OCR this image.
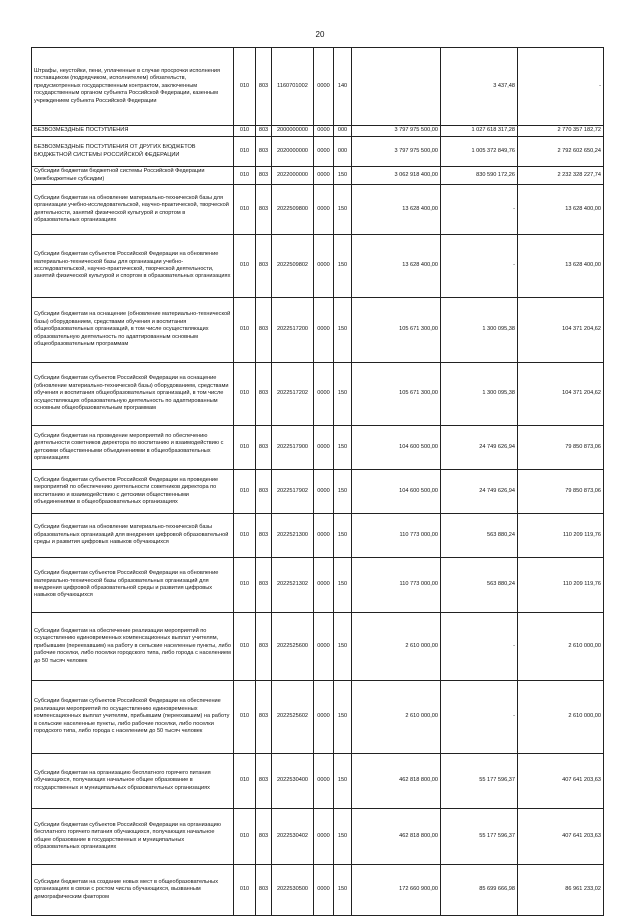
20
Штрафы, неустойки, пени, уплаченные в случае просрочки исполнения поставщиком (подрядчиком, исполнителем) обязательств, предусмотренных государственным контрактом, заключенным государственным органом субъекта Российской Федерации, казенным учреждением субъекта Российской Федерации	010	803	1160701002	0000	140		3 437,48	-
БЕЗВОЗМЕЗДНЫЕ ПОСТУПЛЕНИЯ	010	803	2000000000	0000	000	3 797 975 500,00	1 027 618 317,28	2 770 357 182,72
БЕЗВОЗМЕЗДНЫЕ ПОСТУПЛЕНИЯ ОТ ДРУГИХ БЮДЖЕТОВ БЮДЖЕТНОЙ СИСТЕМЫ РОССИЙСКОЙ ФЕДЕРАЦИИ	010	803	2020000000	0000	000	3 797 975 500,00	1 005 372 849,76	2 792 602 650,24
Субсидии бюджетам бюджетной системы Российской Федерации (межбюджетные субсидии)	010	803	2022000000	0000	150	3 062 918 400,00	830 590 172,26	2 232 328 227,74
Субсидии бюджетам на обновление материально-технической базы для организации учебно-исследовательской, научно-практической, творческой деятельности, занятий физической культурой и спортом в образовательных организациях	010	803	2022509800	0000	150	13 628 400,00	-	13 628 400,00
Субсидии бюджетам субъектов Российской Федерации на обновление материально-технической базы для организации учебно-исследовательской, научно-практической, творческой деятельности, занятий физической культурой и спортом в образовательных организациях	010	803	2022509802	0000	150	13 628 400,00	-	13 628 400,00
Субсидии бюджетам на оснащение (обновление материально-технической базы) оборудованием, средствами обучения и воспитания общеобразовательных организаций, в том числе осуществляющих образовательную деятельность по адаптированным основным общеобразовательным программам	010	803	2022517200	0000	150	105 671 300,00	1 300 095,38	104 371 204,62
Субсидии бюджетам субъектов Российской Федерации на оснащение (обновление материально-технической базы) оборудованием, средствами обучения и воспитания общеобразовательных организаций, в том числе осуществляющих образовательную деятельность по адаптированным основным общеобразовательным программам	010	803	2022517202	0000	150	105 671 300,00	1 300 095,38	104 371 204,62
Субсидии бюджетам на проведение мероприятий по обеспечению деятельности советников директора по воспитанию и взаимодействию с детскими общественными объединениями в общеобразовательных организациях	010	803	2022517900	0000	150	104 600 500,00	24 749 626,94	79 850 873,06
Субсидии бюджетам субъектов Российской Федерации на проведение мероприятий по обеспечению деятельности советников директора по воспитанию и взаимодействию с детскими общественными объединениями в общеобразовательных организациях	010	803	2022517902	0000	150	104 600 500,00	24 749 626,94	79 850 873,06
Субсидии бюджетам на обновление материально-технической базы образовательных организаций для внедрения цифровой образовательной среды и развития цифровых навыков обучающихся	010	803	2022521300	0000	150	110 773 000,00	563 880,24	110 209 119,76
Субсидии бюджетам субъектов Российской Федерации на обновление материально-технической базы образовательных организаций для внедрения цифровой образовательной среды и развития цифровых навыков обучающихся	010	803	2022521302	0000	150	110 773 000,00	563 880,24	110 209 119,76
Субсидии бюджетам на обеспечение реализации мероприятий по осуществлению единовременных компенсационных выплат учителям, прибывшим (переехавшим) на работу в сельские населенные пункты, либо рабочие поселки, либо поселки городского типа, либо города с населением до 50 тысяч человек	010	803	2022525600	0000	150	2 610 000,00	-	2 610 000,00
Субсидии бюджетам субъектов Российской Федерации на обеспечение реализации мероприятий по осуществлению единовременных компенсационных выплат учителям, прибывшим (переехавшим) на работу в сельские населенные пункты, либо рабочие поселки, либо поселки городского типа, либо города с населением до 50 тысяч человек	010	803	2022525602	0000	150	2 610 000,00	-	2 610 000,00
Субсидии бюджетам на организацию бесплатного горячего питания обучающихся, получающих начальное общее образование в государственных и муниципальных образовательных организациях	010	803	2022530400	0000	150	462 818 800,00	55 177 596,37	407 641 203,63
Субсидии бюджетам субъектов Российской Федерации на организацию бесплатного горячего питания обучающихся, получающих начальное общее образование в государственных и муниципальных образовательных организациях	010	803	2022530402	0000	150	462 818 800,00	55 177 596,37	407 641 203,63
Субсидии бюджетам на создание новых мест в общеобразовательных организациях в связи с ростом числа обучающихся, вызванным демографическим фактором	010	803	2022530500	0000	150	172 660 900,00	85 699 666,98	86 961 233,02
